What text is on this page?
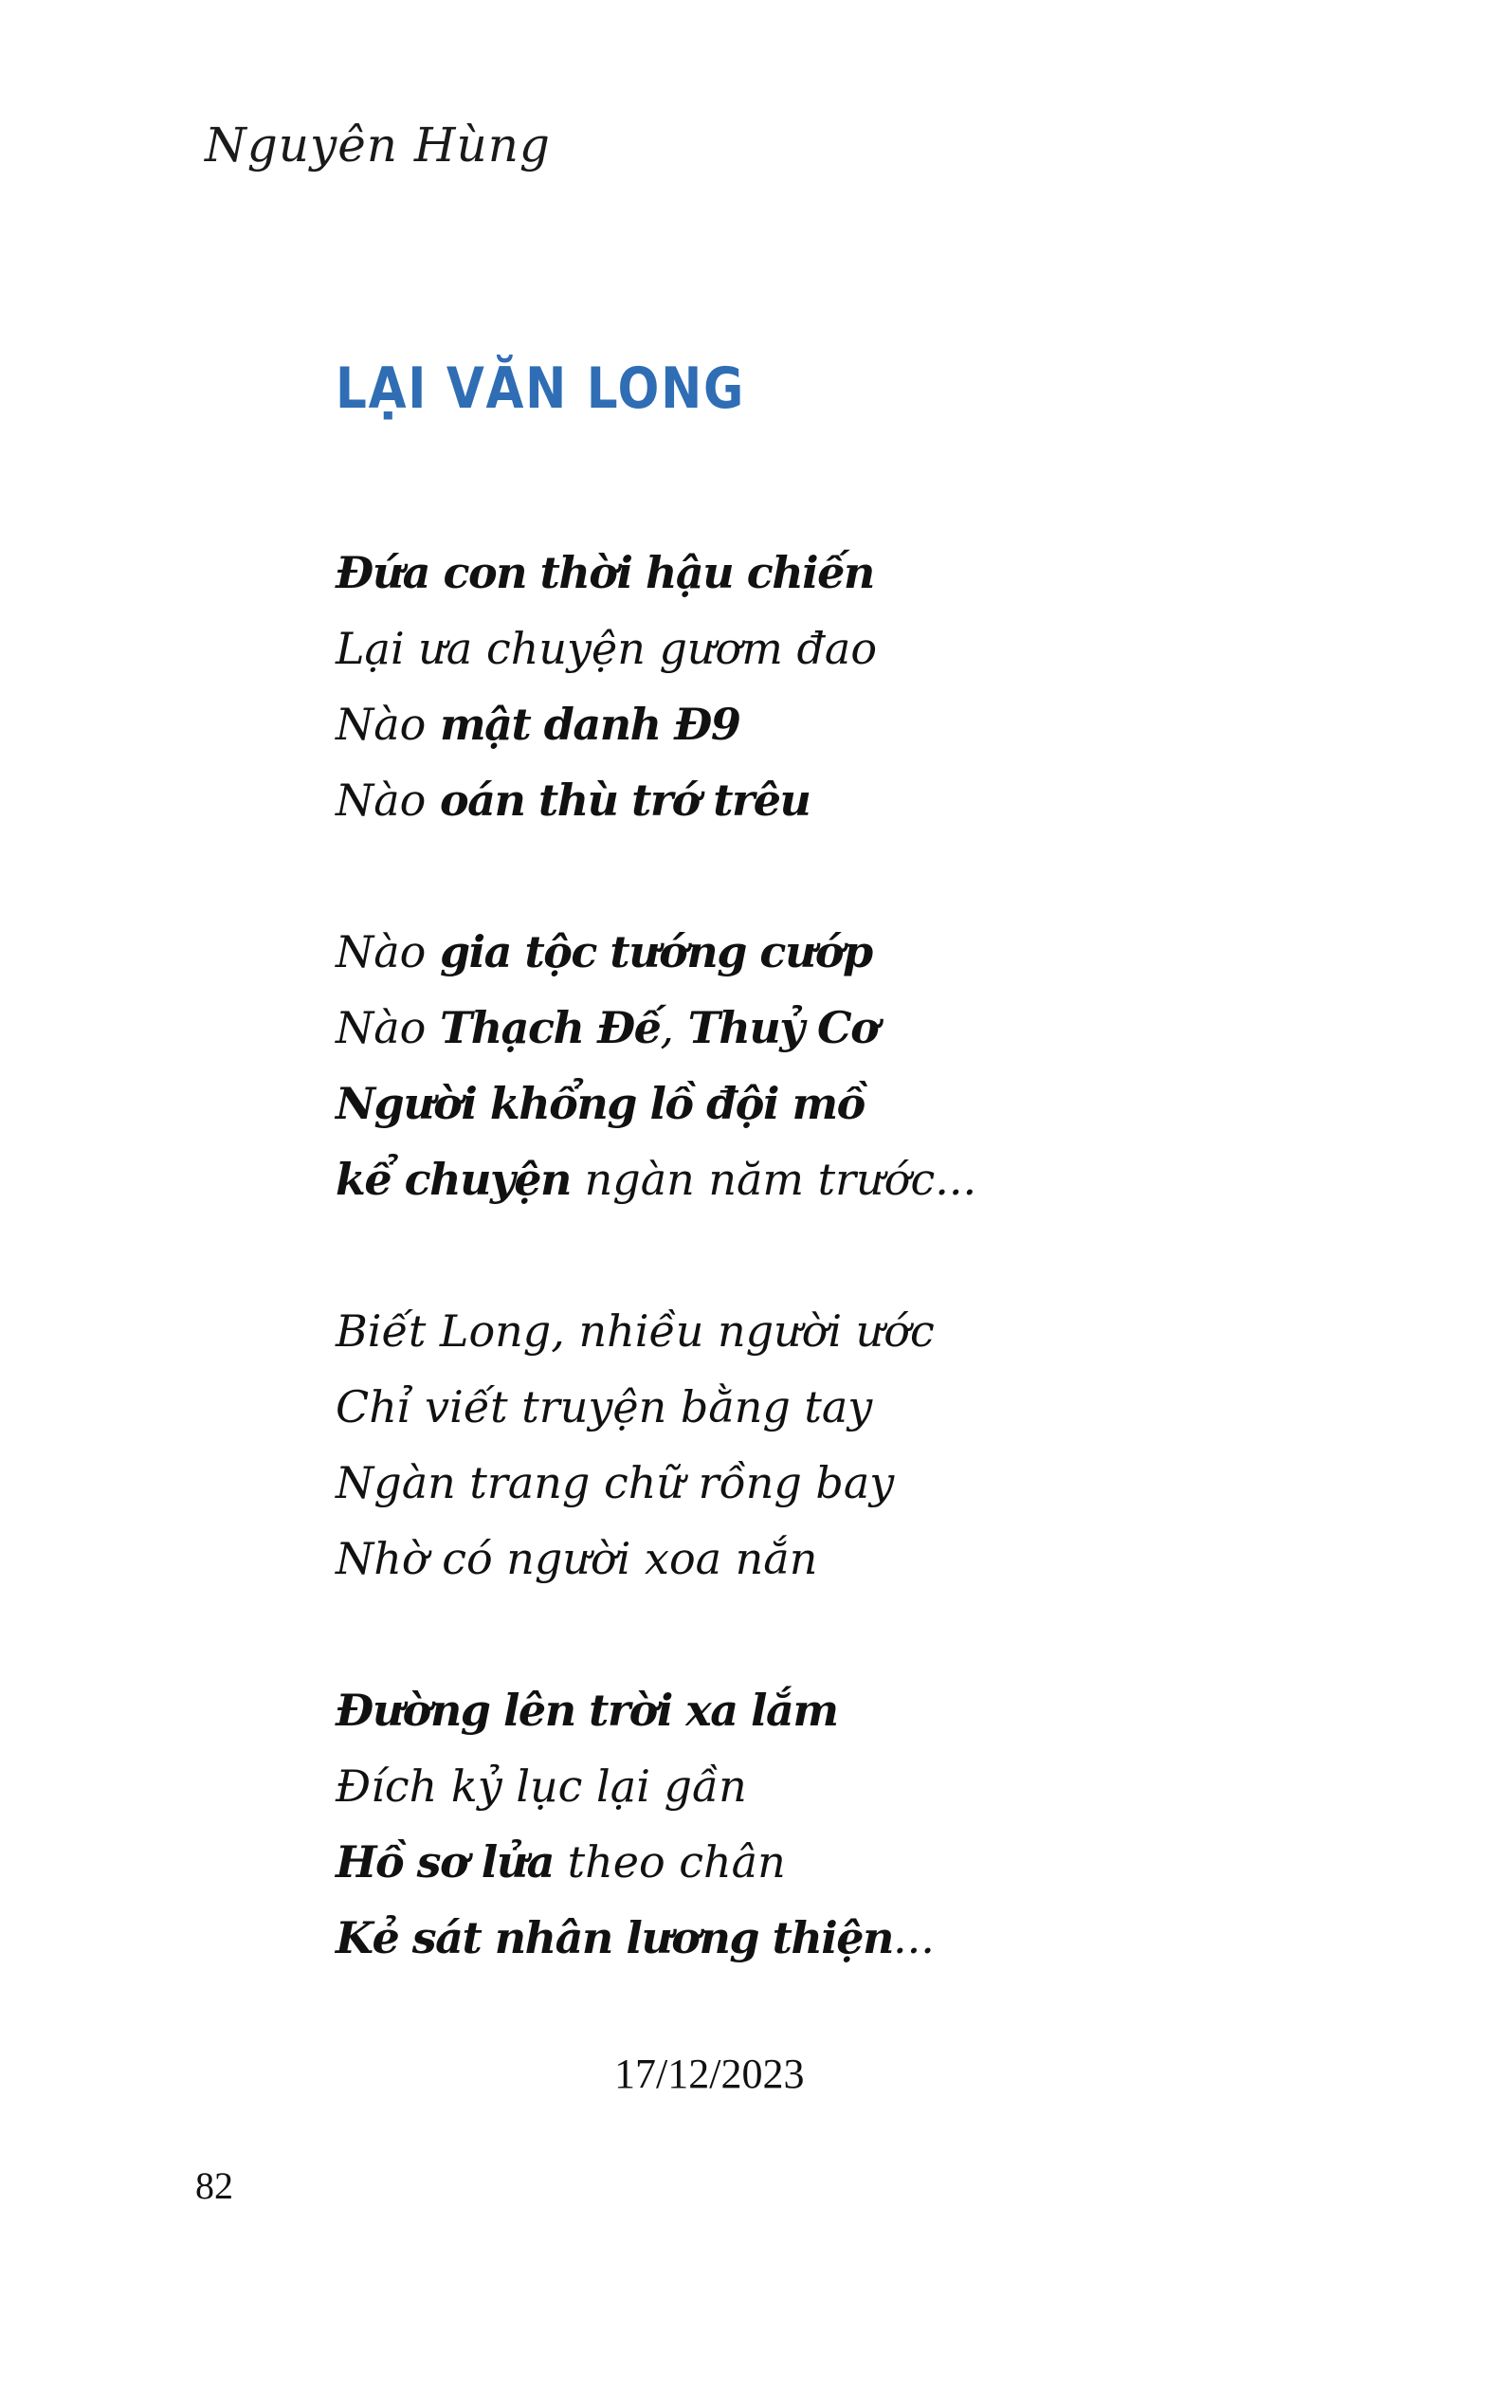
Nguyên Hùng
LẠI VĂN LONG
Đứa con thời hậu chiến
Lại ưa chuyện gươm đao
Nào mật danh Đ9
Nào oán thù trớ trêu
Nào gia tộc tướng cướp
Nào Thạch Đế, Thuỷ Cơ
Người khổng lồ đội mồ
kể chuyện ngàn năm trước...
Biết Long, nhiều người ước
Chỉ viết truyện bằng tay
Ngàn trang chữ rồng bay
Nhờ có người xoa nắn
Đường lên trời xa lắm
Đích kỷ lục lại gần
Hồ sơ lửa theo chân
Kẻ sát nhân lương thiện...
17/12/2023
82
